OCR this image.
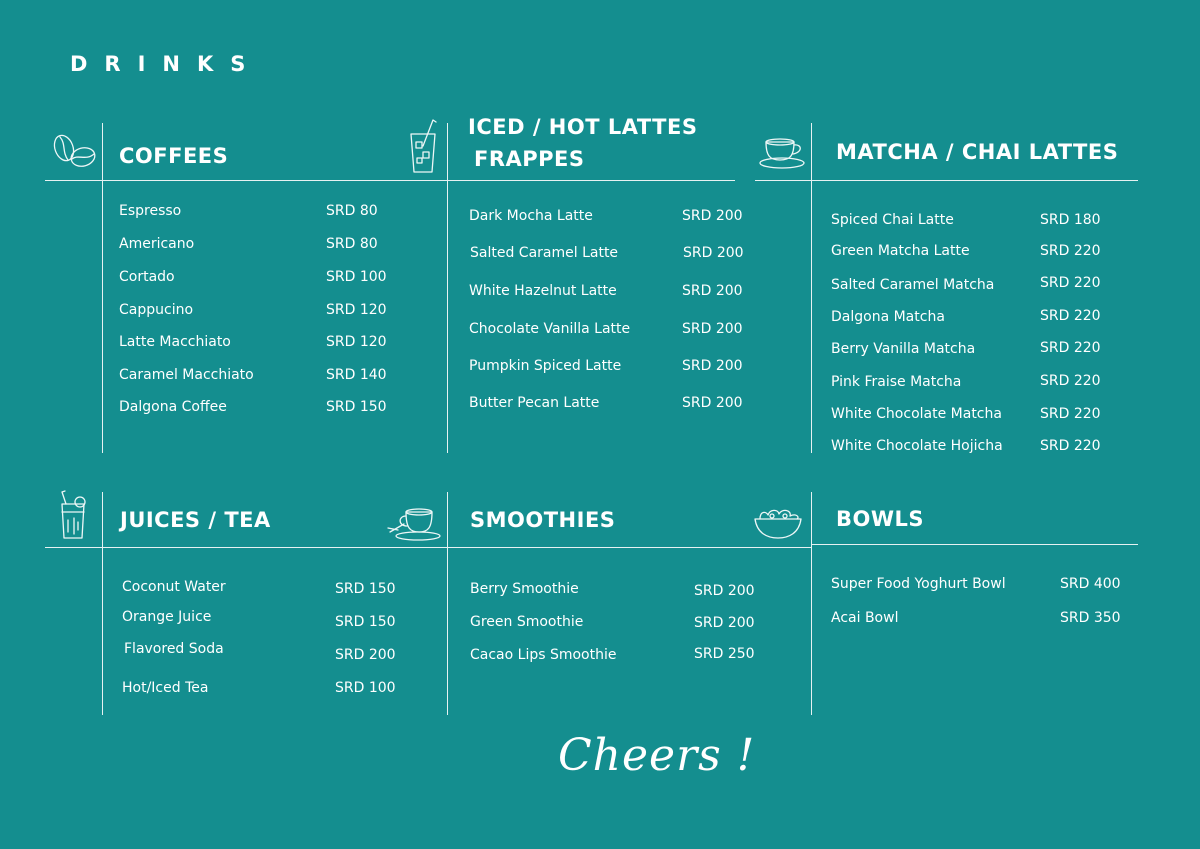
DRINKS
COFFEES
Espresso	SRD 80
Americano	SRD 80
Cortado	SRD 100
Cappucino	SRD 120
Latte Macchiato	SRD 120
Caramel Macchiato	SRD 140
Dalgona Coffee	SRD 150
ICED / HOT LATTES
FRAPPES
Dark Mocha Latte	SRD 200
Salted Caramel Latte	SRD 200
White Hazelnut Latte	SRD 200
Chocolate Vanilla Latte	SRD 200
Pumpkin Spiced Latte	SRD 200
Butter Pecan Latte	SRD 200
MATCHA / CHAI LATTES
Spiced Chai Latte	SRD 180
Green Matcha Latte	SRD 220
Salted Caramel Matcha	SRD 220
Dalgona Matcha	SRD 220
Berry Vanilla Matcha	SRD 220
Pink Fraise Matcha	SRD 220
White Chocolate Matcha	SRD 220
White Chocolate Hojicha	SRD 220
JUICES / TEA
Coconut Water	SRD 150
Orange Juice	SRD 150
Flavored Soda	SRD 200
Hot/Iced Tea	SRD 100
SMOOTHIES
Berry Smoothie	SRD 200
Green Smoothie	SRD 200
Cacao Lips Smoothie	SRD 250
BOWLS
Super Food Yoghurt Bowl	SRD 400
Acai Bowl	SRD 350
Cheers !
